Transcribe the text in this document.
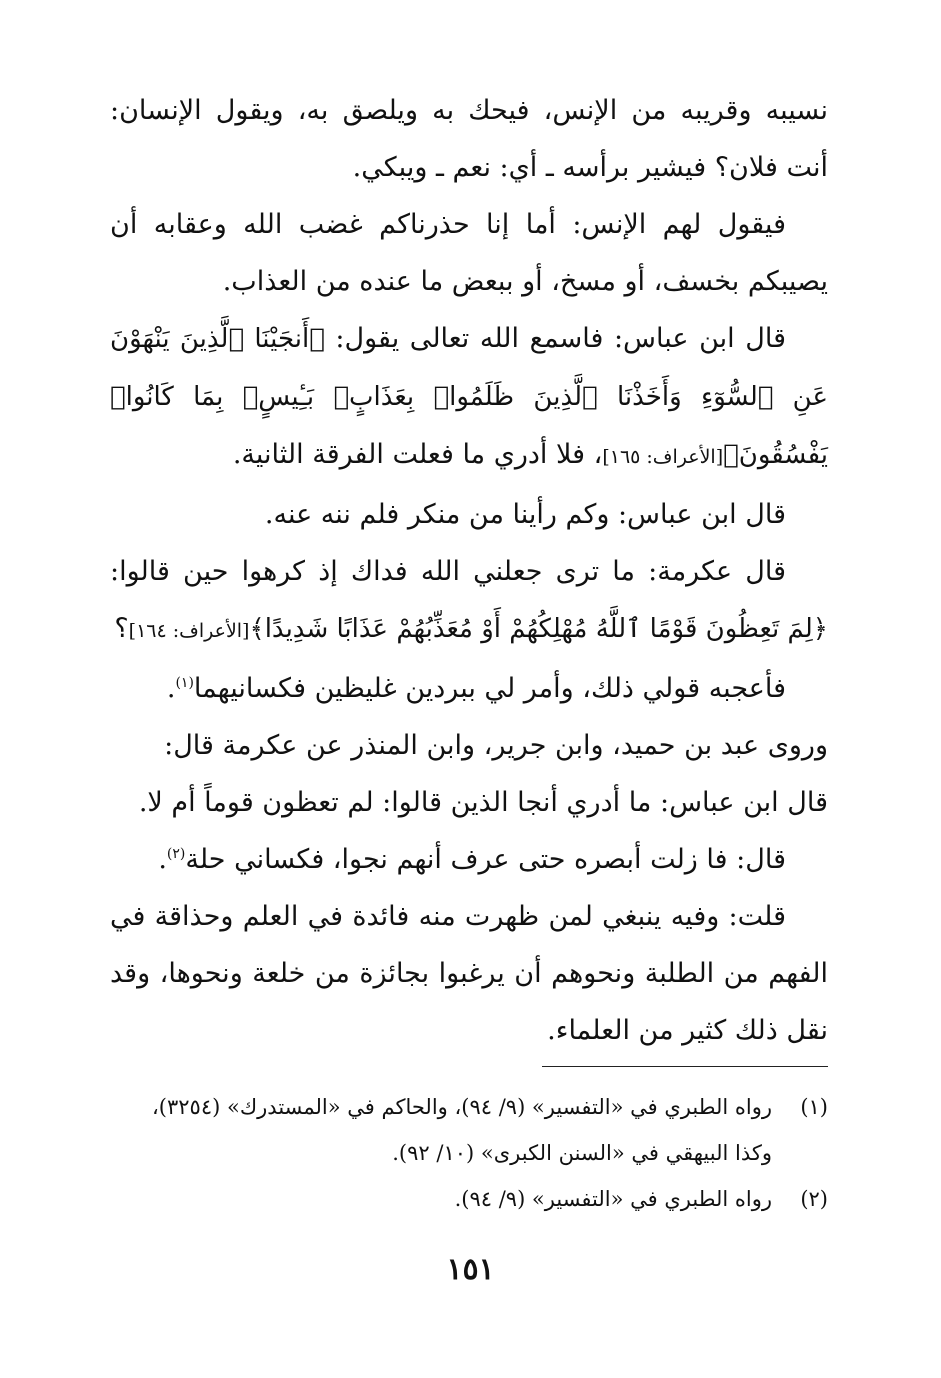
نسيبه وقريبه من الإنس، فيحك به ويلصق به، ويقول الإنسان: أنت فلان؟ فيشير برأسه ـ أي: نعم ـ ويبكي.

فيقول لهم الإنس: أما إنا حذرناكم غضب الله وعقابه أن يصيبكم بخسف، أو مسخ، أو ببعض ما عنده من العذاب.

قال ابن عباس: فاسمع الله تعالى يقول: ﴿أَنجَيْنَا ٱلَّذِينَ يَنْهَوْنَ عَنِ ٱلسُّوٓءِ وَأَخَذْنَا ٱلَّذِينَ ظَلَمُوا۟ بِعَذَابٍۭ بَـِٔيسٍۭ بِمَا كَانُوا۟ يَفْسُقُونَ﴾[الأعراف: ١٦٥]، فلا أدري ما فعلت الفرقة الثانية.

قال ابن عباس: وكم رأينا من منكر فلم ننه عنه.

قال عكرمة: ما ترى جعلني الله فداك إذ كرهوا حين قالوا: ﴿لِمَ تَعِظُونَ قَوْمًا ٱللَّهُ مُهْلِكُهُمْ أَوْ مُعَذِّبُهُمْ عَذَابًا شَدِيدًا﴾[الأعراف: ١٦٤]؟

فأعجبه قولي ذلك، وأمر لي ببردين غليظين فكسانيهما$^{(١)}$.

وروى عبد بن حميد، وابن جرير، وابن المنذر عن عكرمة قال:

قال ابن عباس: ما أدري أنجا الذين قالوا: لم تعظون قوماً أم لا.

قال: فا زلت أبصره حتى عرف أنهم نجوا، فكساني حلة$^{(٢)}$.

قلت: وفيه ينبغي لمن ظهرت منه فائدة في العلم وحذاقة في الفهم من الطلبة ونحوهم أن يرغبوا بجائزة من خلعة ونحوها، وقد نقل ذلك كثير من العلماء.

(١)
رواه الطبري في «التفسير» (٩/ ٩٤)، والحاكم في «المستدرك» (٣٢٥٤)، وكذا البيهقي في «السنن الكبرى» (١٠/ ٩٢).
(٢)
رواه الطبري في «التفسير» (٩/ ٩٤).
١٥١
